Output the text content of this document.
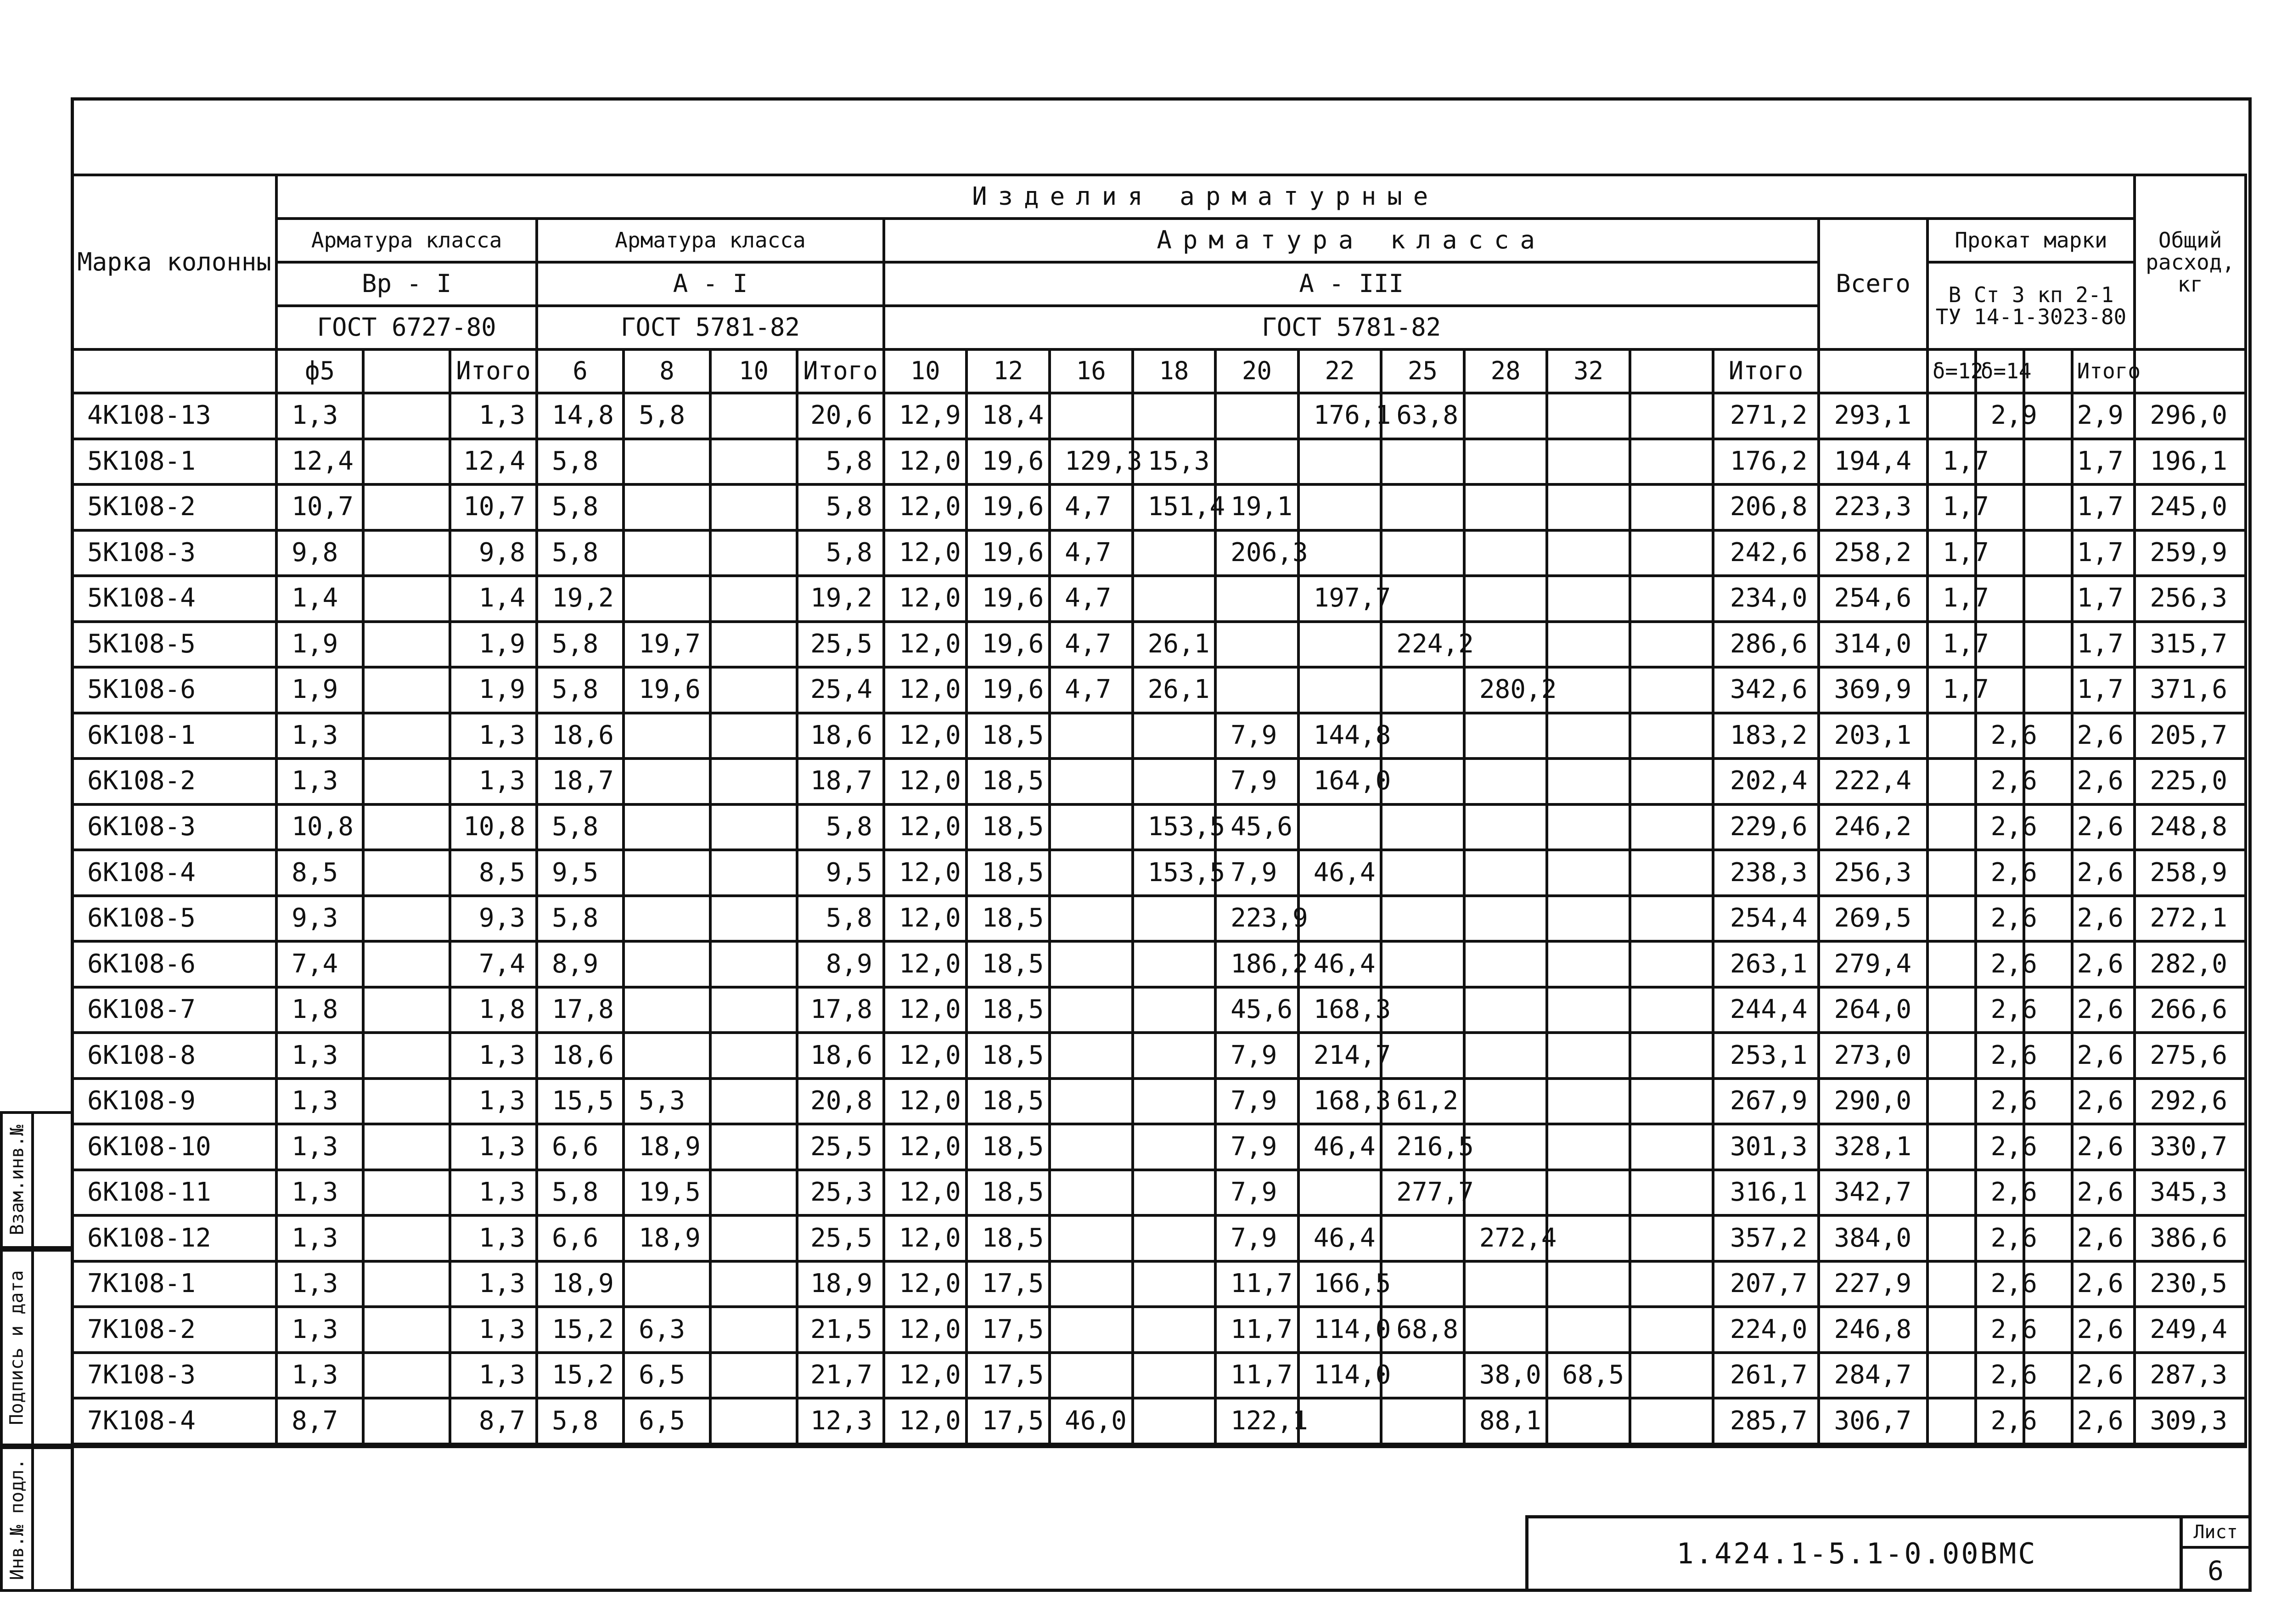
Марка колонны	Изделия арматурные																							Общий расход, кг

	Арматура класса			Арматура класса				Арматура класса											Всего	Прокат марки				
	Вр - I			А - I				А - III												В Ст 3 кп 2-1
ТУ 14-1-3023-80				

	ГОСТ 6727-80			ГОСТ 5781-82				ГОСТ 5781-82																
	ф5		Итого	6	8	10	Итого	10	12	16	18	20	22	25	28	32		Итого		δ=12	δ=14		Итого	
4К108-13	1,3		1,3	14,8	5,8		20,6	12,9	18,4				176,1	63,8				271,2	293,1		2,9		2,9	296,0
5К108-1	12,4		12,4	5,8			5,8	12,0	19,6	129,3	15,3							176,2	194,4	1,7			1,7	196,1
5К108-2	10,7		10,7	5,8			5,8	12,0	19,6	4,7	151,4	19,1						206,8	223,3	1,7			1,7	245,0
5К108-3	9,8		9,8	5,8			5,8	12,0	19,6	4,7		206,3						242,6	258,2	1,7			1,7	259,9
5К108-4	1,4		1,4	19,2			19,2	12,0	19,6	4,7			197,7					234,0	254,6	1,7			1,7	256,3
5К108-5	1,9		1,9	5,8	19,7		25,5	12,0	19,6	4,7	26,1			224,2				286,6	314,0	1,7			1,7	315,7
5К108-6	1,9		1,9	5,8	19,6		25,4	12,0	19,6	4,7	26,1				280,2			342,6	369,9	1,7			1,7	371,6
6К108-1	1,3		1,3	18,6			18,6	12,0	18,5			7,9	144,8					183,2	203,1		2,6		2,6	205,7
6К108-2	1,3		1,3	18,7			18,7	12,0	18,5			7,9	164,0					202,4	222,4		2,6		2,6	225,0
6К108-3	10,8		10,8	5,8			5,8	12,0	18,5		153,5	45,6						229,6	246,2		2,6		2,6	248,8
6К108-4	8,5		8,5	9,5			9,5	12,0	18,5		153,5	7,9	46,4					238,3	256,3		2,6		2,6	258,9
6К108-5	9,3		9,3	5,8			5,8	12,0	18,5			223,9						254,4	269,5		2,6		2,6	272,1
6К108-6	7,4		7,4	8,9			8,9	12,0	18,5			186,2	46,4					263,1	279,4		2,6		2,6	282,0
6К108-7	1,8		1,8	17,8			17,8	12,0	18,5			45,6	168,3					244,4	264,0		2,6		2,6	266,6
6К108-8	1,3		1,3	18,6			18,6	12,0	18,5			7,9	214,7					253,1	273,0		2,6		2,6	275,6
6К108-9	1,3		1,3	15,5	5,3		20,8	12,0	18,5			7,9	168,3	61,2				267,9	290,0		2,6		2,6	292,6
6К108-10	1,3		1,3	6,6	18,9		25,5	12,0	18,5			7,9	46,4	216,5				301,3	328,1		2,6		2,6	330,7
6К108-11	1,3		1,3	5,8	19,5		25,3	12,0	18,5			7,9		277,7				316,1	342,7		2,6		2,6	345,3
6К108-12	1,3		1,3	6,6	18,9		25,5	12,0	18,5			7,9	46,4		272,4			357,2	384,0		2,6		2,6	386,6
7К108-1	1,3		1,3	18,9			18,9	12,0	17,5			11,7	166,5					207,7	227,9		2,6		2,6	230,5
7К108-2	1,3		1,3	15,2	6,3		21,5	12,0	17,5			11,7	114,0	68,8				224,0	246,8		2,6		2,6	249,4
7К108-3	1,3		1,3	15,2	6,5		21,7	12,0	17,5			11,7	114,0		38,0	68,5		261,7	284,7		2,6		2,6	287,3
7К108-4	8,7		8,7	5,8	6,5		12,3	12,0	17,5	46,0		122,1			88,1			285,7	306,7		2,6		2,6	309,3
1.424.1-5.1-0.00ВМС
Лист
6
Взам.инв.№
Подпись и дата
Инв.№ подл.
